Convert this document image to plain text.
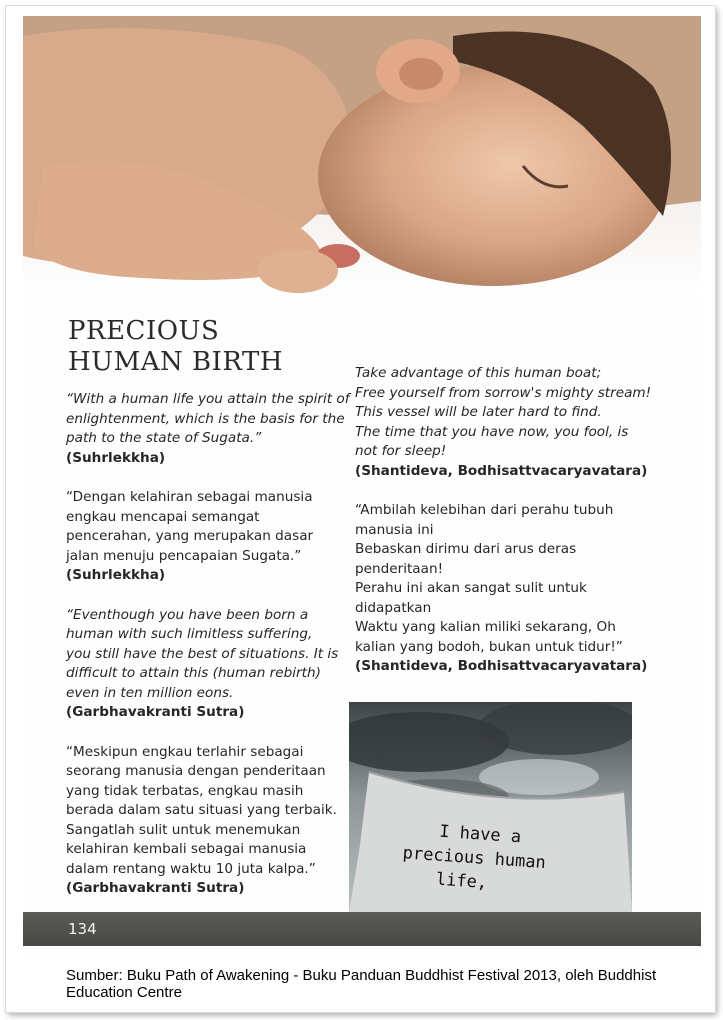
PRECIOUS
HUMAN BIRTH
“With a human life you attain the spirit of
enlightenment, which is the basis for the
path to the state of Sugata.”
(Suhrlekkha)
“Dengan kelahiran sebagai manusia
engkau mencapai semangat
pencerahan, yang merupakan dasar
jalan menuju pencapaian Sugata.”
(Suhrlekkha)
“Eventhough you have been born a
human with such limitless suffering,
you still have the best of situations. It is
difficult to attain this (human rebirth)
even in ten million eons.
(Garbhavakranti Sutra)
“Meskipun engkau terlahir sebagai
seorang manusia dengan penderitaan
yang tidak terbatas, engkau masih
berada dalam satu situasi yang terbaik.
Sangatlah sulit untuk menemukan
kelahiran kembali sebagai manusia
dalam rentang waktu 10 juta kalpa.”
(Garbhavakranti Sutra)
Take advantage of this human boat;
Free yourself from sorrow's mighty stream!
This vessel will be later hard to find.
The time that you have now, you fool, is
not for sleep!
(Shantideva, Bodhisattvacaryavatara)
“Ambilah kelebihan dari perahu tubuh
manusia ini
Bebaskan dirimu dari arus deras
penderitaan!
Perahu ini akan sangat sulit untuk
didapatkan
Waktu yang kalian miliki sekarang, Oh
kalian yang bodoh, bukan untuk tidur!”
(Shantideva, Bodhisattvacaryavatara)
I have aprecious humanlife,
134
Sumber: Buku Path of Awakening - Buku Panduan Buddhist Festival 2013, oleh Buddhist Education Centre
